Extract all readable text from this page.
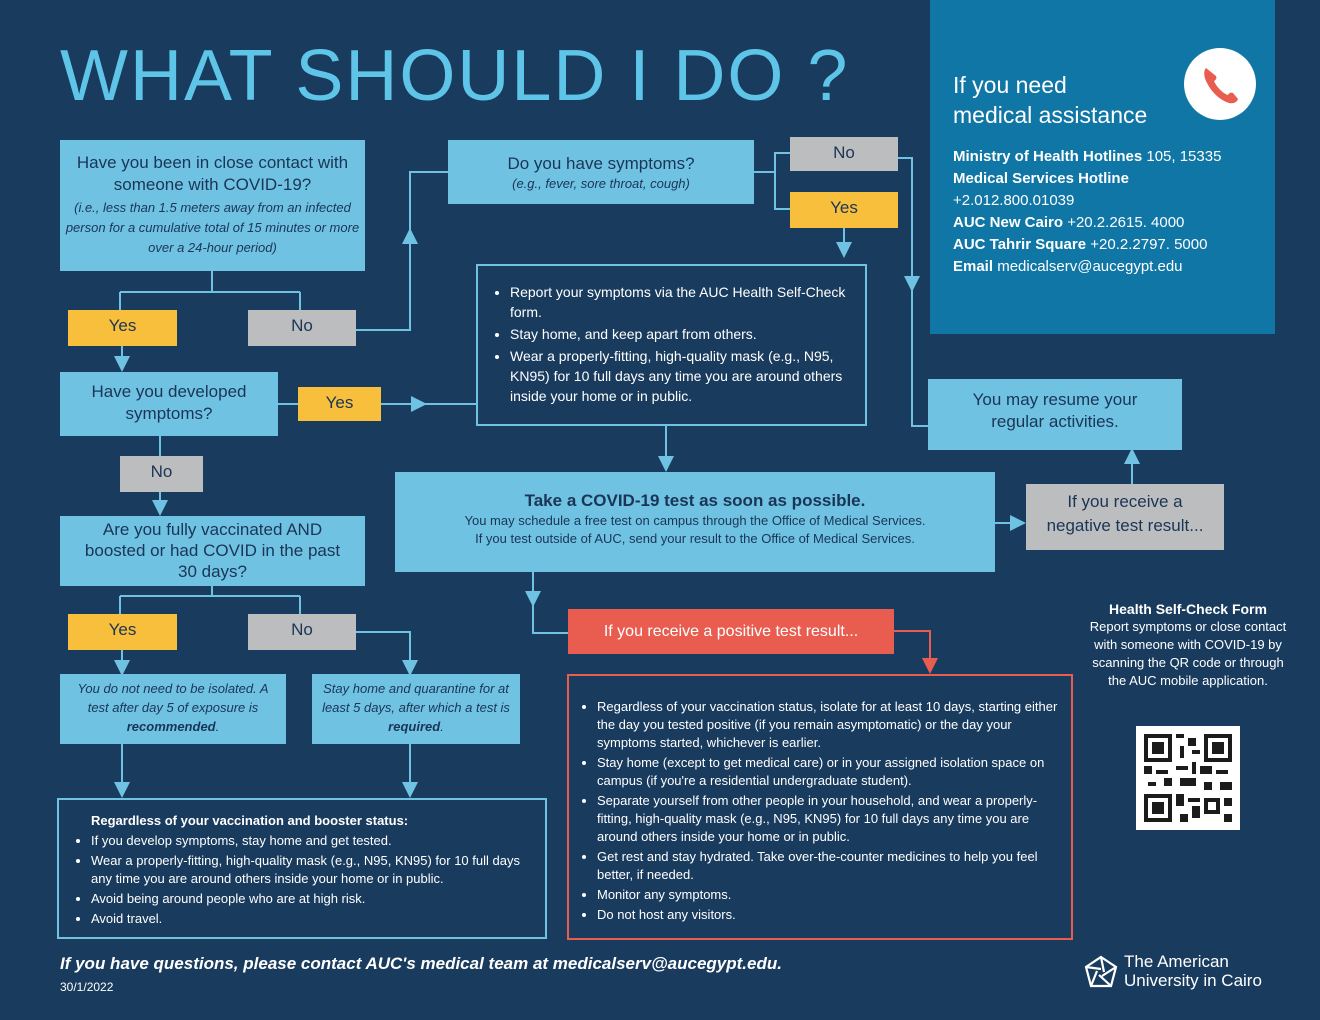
WHAT SHOULD I DO ?	If you need
medical assistance
Ministry of Health Hotlines 105, 15335
Medical Services Hotline
+2.012.800.01039
AUC New Cairo +20.2.2615. 4000
AUC Tahrir Square +20.2.2797. 5000
Email medicalserv@aucegypt.edu
Have you been in close contact with someone with COVID-19?
(i.e., less than 1.5 meters away from an infected person for a cumulative total of 15 minutes or more over a 24-hour period)
Yes	No
Do you have symptoms?
(e.g., fever, sore throat, cough)
No
Yes
• Report your symptoms via the AUC Health Self-Check form.
• Stay home, and keep apart from others.
• Wear a properly-fitting, high-quality mask (e.g., N95, KN95) for 10 full days any time you are around others inside your home or in public.
Have you developed symptoms?
Yes
No
You may resume your regular activities.
Take a COVID-19 test as soon as possible.
You may schedule a free test on campus through the Office of Medical Services.
If you test outside of AUC, send your result to the Office of Medical Services.
If you receive a negative test result...
Are you fully vaccinated AND boosted or had COVID in the past 30 days?
Yes	No	If you receive a positive test result...
You do not need to be isolated. A test after day 5 of exposure is recommended.
Stay home and quarantine for at least 5 days, after which a test is required.
Regardless of your vaccination and booster status:
• If you develop symptoms, stay home and get tested.
• Wear a properly-fitting, high-quality mask (e.g., N95, KN95) for 10 full days any time you are around others inside your home or in public.
• Avoid being around people who are at high risk.
• Avoid travel.
• Regardless of your vaccination status, isolate for at least 10 days, starting either the day you tested positive (if you remain asymptomatic) or the day your symptoms started, whichever is earlier.
• Stay home (except to get medical care) or in your assigned isolation space on campus (if you're a residential undergraduate student).
• Separate yourself from other people in your household, and wear a properly-fitting, high-quality mask (e.g., N95, KN95) for 10 full days any time you are around others inside your home or in public.
• Get rest and stay hydrated. Take over-the-counter medicines to help you feel better, if needed.
• Monitor any symptoms.
• Do not host any visitors.
Health Self-Check Form
Report symptoms or close contact with someone with COVID-19 by scanning the QR code or through the AUC mobile application.
If you have questions, please contact AUC's medical team at medicalserv@aucegypt.edu.
30/1/2022
The American
University in Cairo
